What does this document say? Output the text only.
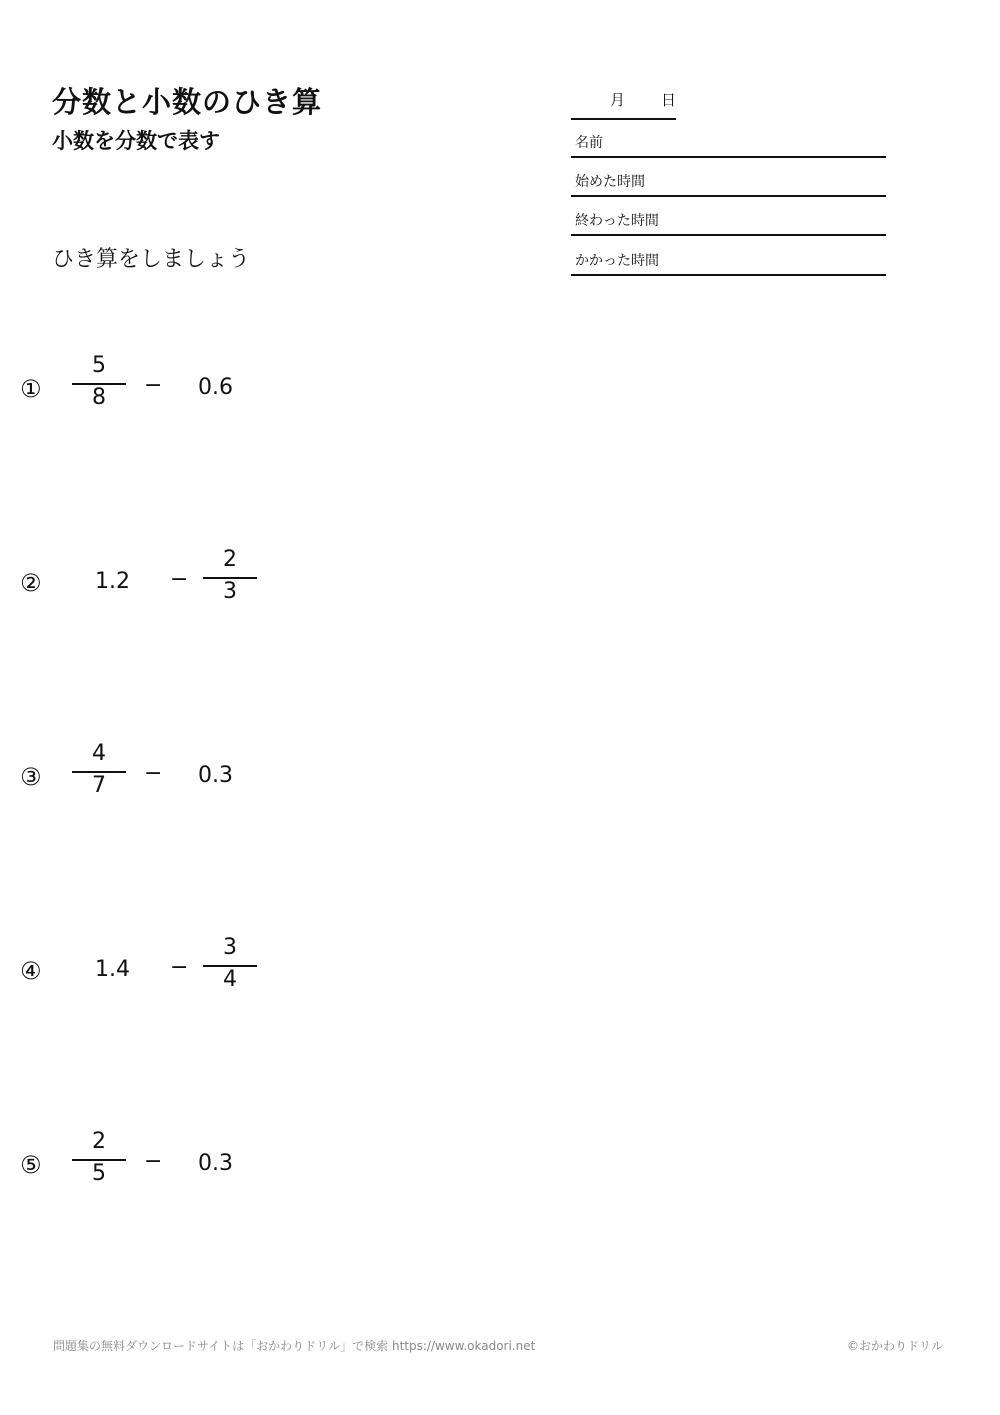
分数と小数のひき算
小数を分数で表す
ひき算をしましょう
月 日
名前
始めた時間
終わった時間
かかった時間
①
5
8	− 0.6
② 1.2 −
2
3
③
4
7	− 0.3
④ 1.4 −
3
4
⑤
2
5	− 0.3
問題集の無料ダウンロードサイトは「おかわりドリル」で検索 https://www.okadori.net	©おかわりドリル
